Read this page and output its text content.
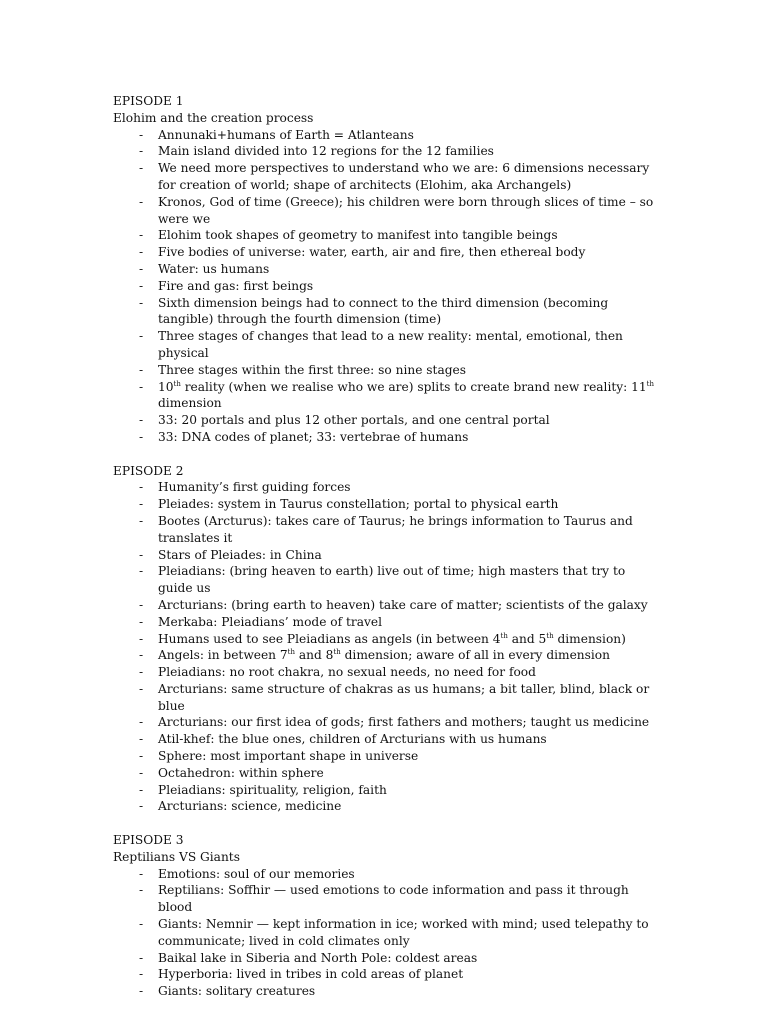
EPISODE 1
Elohim and the creation process
- Annunaki+humans of Earth = Atlanteans
- Main island divided into 12 regions for the 12 families
- We need more perspectives to understand who we are: 6 dimensions necessary for creation of world; shape of architects (Elohim, aka Archangels)
- Kronos, God of time (Greece); his children were born through slices of time – so were we
- Elohim took shapes of geometry to manifest into tangible beings
- Five bodies of universe: water, earth, air and fire, then ethereal body
- Water: us humans
- Fire and gas: first beings
- Sixth dimension beings had to connect to the third dimension (becoming tangible) through the fourth dimension (time)
- Three stages of changes that lead to a new reality: mental, emotional, then physical
- Three stages within the first three: so nine stages
- 10th reality (when we realise who we are) splits to create brand new reality: 11th dimension
- 33: 20 portals and plus 12 other portals, and one central portal
- 33: DNA codes of planet; 33: vertebrae of humans
EPISODE 2
- Humanity’s first guiding forces
- Pleiades: system in Taurus constellation; portal to physical earth
- Bootes (Arcturus): takes care of Taurus; he brings information to Taurus and translates it
- Stars of Pleiades: in China
- Pleiadians: (bring heaven to earth) live out of time; high masters that try to guide us
- Arcturians: (bring earth to heaven) take care of matter; scientists of the galaxy
- Merkaba: Pleiadians’ mode of travel
- Humans used to see Pleiadians as angels (in between 4th and 5th dimension)
- Angels: in between 7th and 8th dimension; aware of all in every dimension
- Pleiadians: no root chakra, no sexual needs, no need for food
- Arcturians: same structure of chakras as us humans; a bit taller, blind, black or blue
- Arcturians: our first idea of gods; first fathers and mothers; taught us medicine
- Atil-khef: the blue ones, children of Arcturians with us humans
- Sphere: most important shape in universe
- Octahedron: within sphere
- Pleiadians: spirituality, religion, faith
- Arcturians: science, medicine
EPISODE 3
Reptilians VS Giants
- Emotions: soul of our memories
- Reptilians: Soffhir — used emotions to code information and pass it through blood
- Giants: Nemnir — kept information in ice; worked with mind; used telepathy to communicate; lived in cold climates only
- Baikal lake in Siberia and North Pole: coldest areas
- Hyperboria: lived in tribes in cold areas of planet
- Giants: solitary creatures
